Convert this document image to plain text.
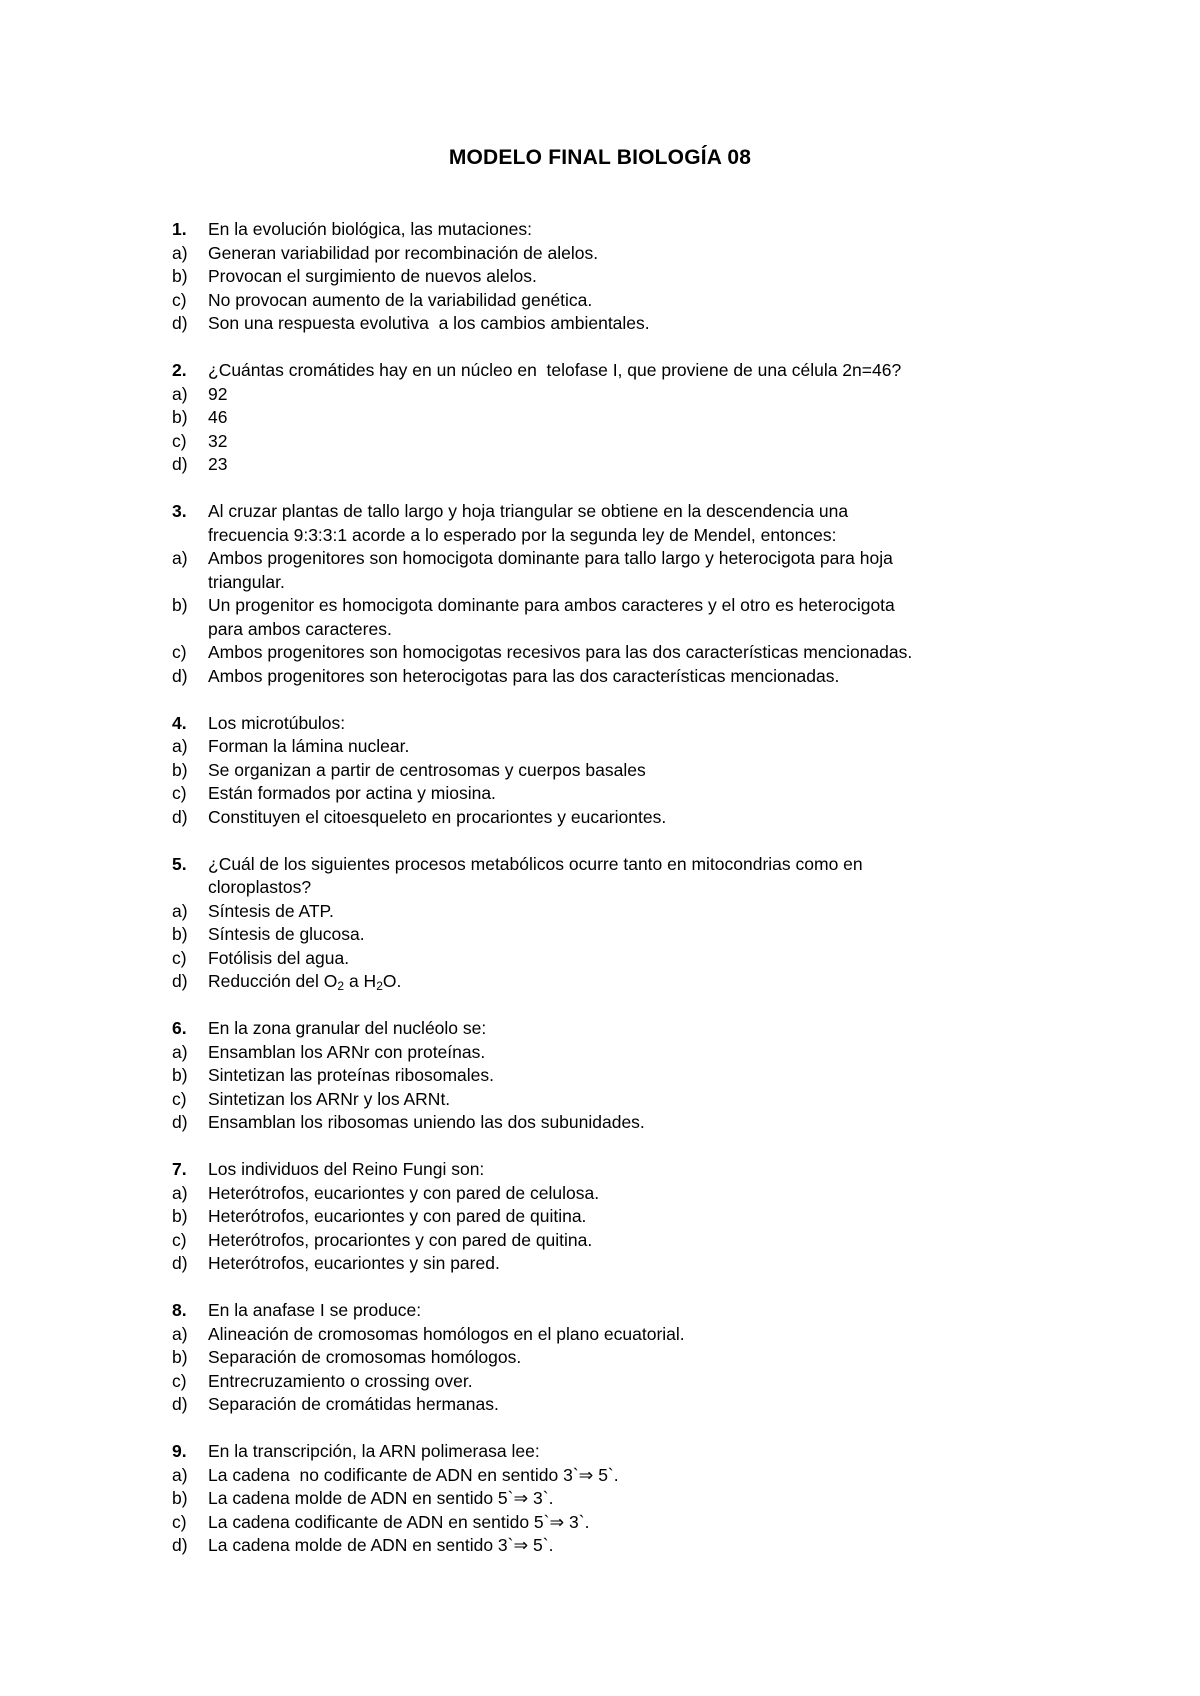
MODELO FINAL BIOLOGÍA 08
1.	En la evolución biológica, las mutaciones:
a)	Generan variabilidad por recombinación de alelos.
b)	Provocan el surgimiento de nuevos alelos.
c)	No provocan aumento de la variabilidad genética.
d)	Son una respuesta evolutiva  a los cambios ambientales.
2.	¿Cuántas cromátides hay en un núcleo en  telofase I, que proviene de una célula 2n=46?
a)	92
b)	46
c)	32
d)	23
3.	Al cruzar plantas de tallo largo y hoja triangular se obtiene en la descendencia una
frecuencia 9:3:3:1 acorde a lo esperado por la segunda ley de Mendel, entonces:
a)	Ambos progenitores son homocigota dominante para tallo largo y heterocigota para hoja
triangular.
b)	Un progenitor es homocigota dominante para ambos caracteres y el otro es heterocigota
para ambos caracteres.
c)	Ambos progenitores son homocigotas recesivos para las dos características mencionadas.
d)	Ambos progenitores son heterocigotas para las dos características mencionadas.
4.	Los microtúbulos:
a)	Forman la lámina nuclear.
b)	Se organizan a partir de centrosomas y cuerpos basales
c)	Están formados por actina y miosina.
d)	Constituyen el citoesqueleto en procariontes y eucariontes.
5.	¿Cuál de los siguientes procesos metabólicos ocurre tanto en mitocondrias como en
cloroplastos?
a)	Síntesis de ATP.
b)	Síntesis de glucosa.
c)	Fotólisis del agua.
d)	Reducción del $O_2$ a $H_2O$.
6.	En la zona granular del nucléolo se:
a)	Ensamblan los ARNr con proteínas.
b)	Sintetizan las proteínas ribosomales.
c)	Sintetizan los ARNr y los ARNt.
d)	Ensamblan los ribosomas uniendo las dos subunidades.
7.	Los individuos del Reino Fungi son:
a)	Heterótrofos, eucariontes y con pared de celulosa.
b)	Heterótrofos, eucariontes y con pared de quitina.
c)	Heterótrofos, procariontes y con pared de quitina.
d)	Heterótrofos, eucariontes y sin pared.
8.	En la anafase I se produce:
a)	Alineación de cromosomas homólogos en el plano ecuatorial.
b)	Separación de cromosomas homólogos.
c)	Entrecruzamiento o crossing over.
d)	Separación de cromátidas hermanas.
9.	En la transcripción, la ARN polimerasa lee:
a)	La cadena  no codificante de ADN en sentido 3`⇒ 5`.
b)	La cadena molde de ADN en sentido 5`⇒ 3`.
c)	La cadena codificante de ADN en sentido 5`⇒ 3`.
d)	La cadena molde de ADN en sentido 3`⇒ 5`.
